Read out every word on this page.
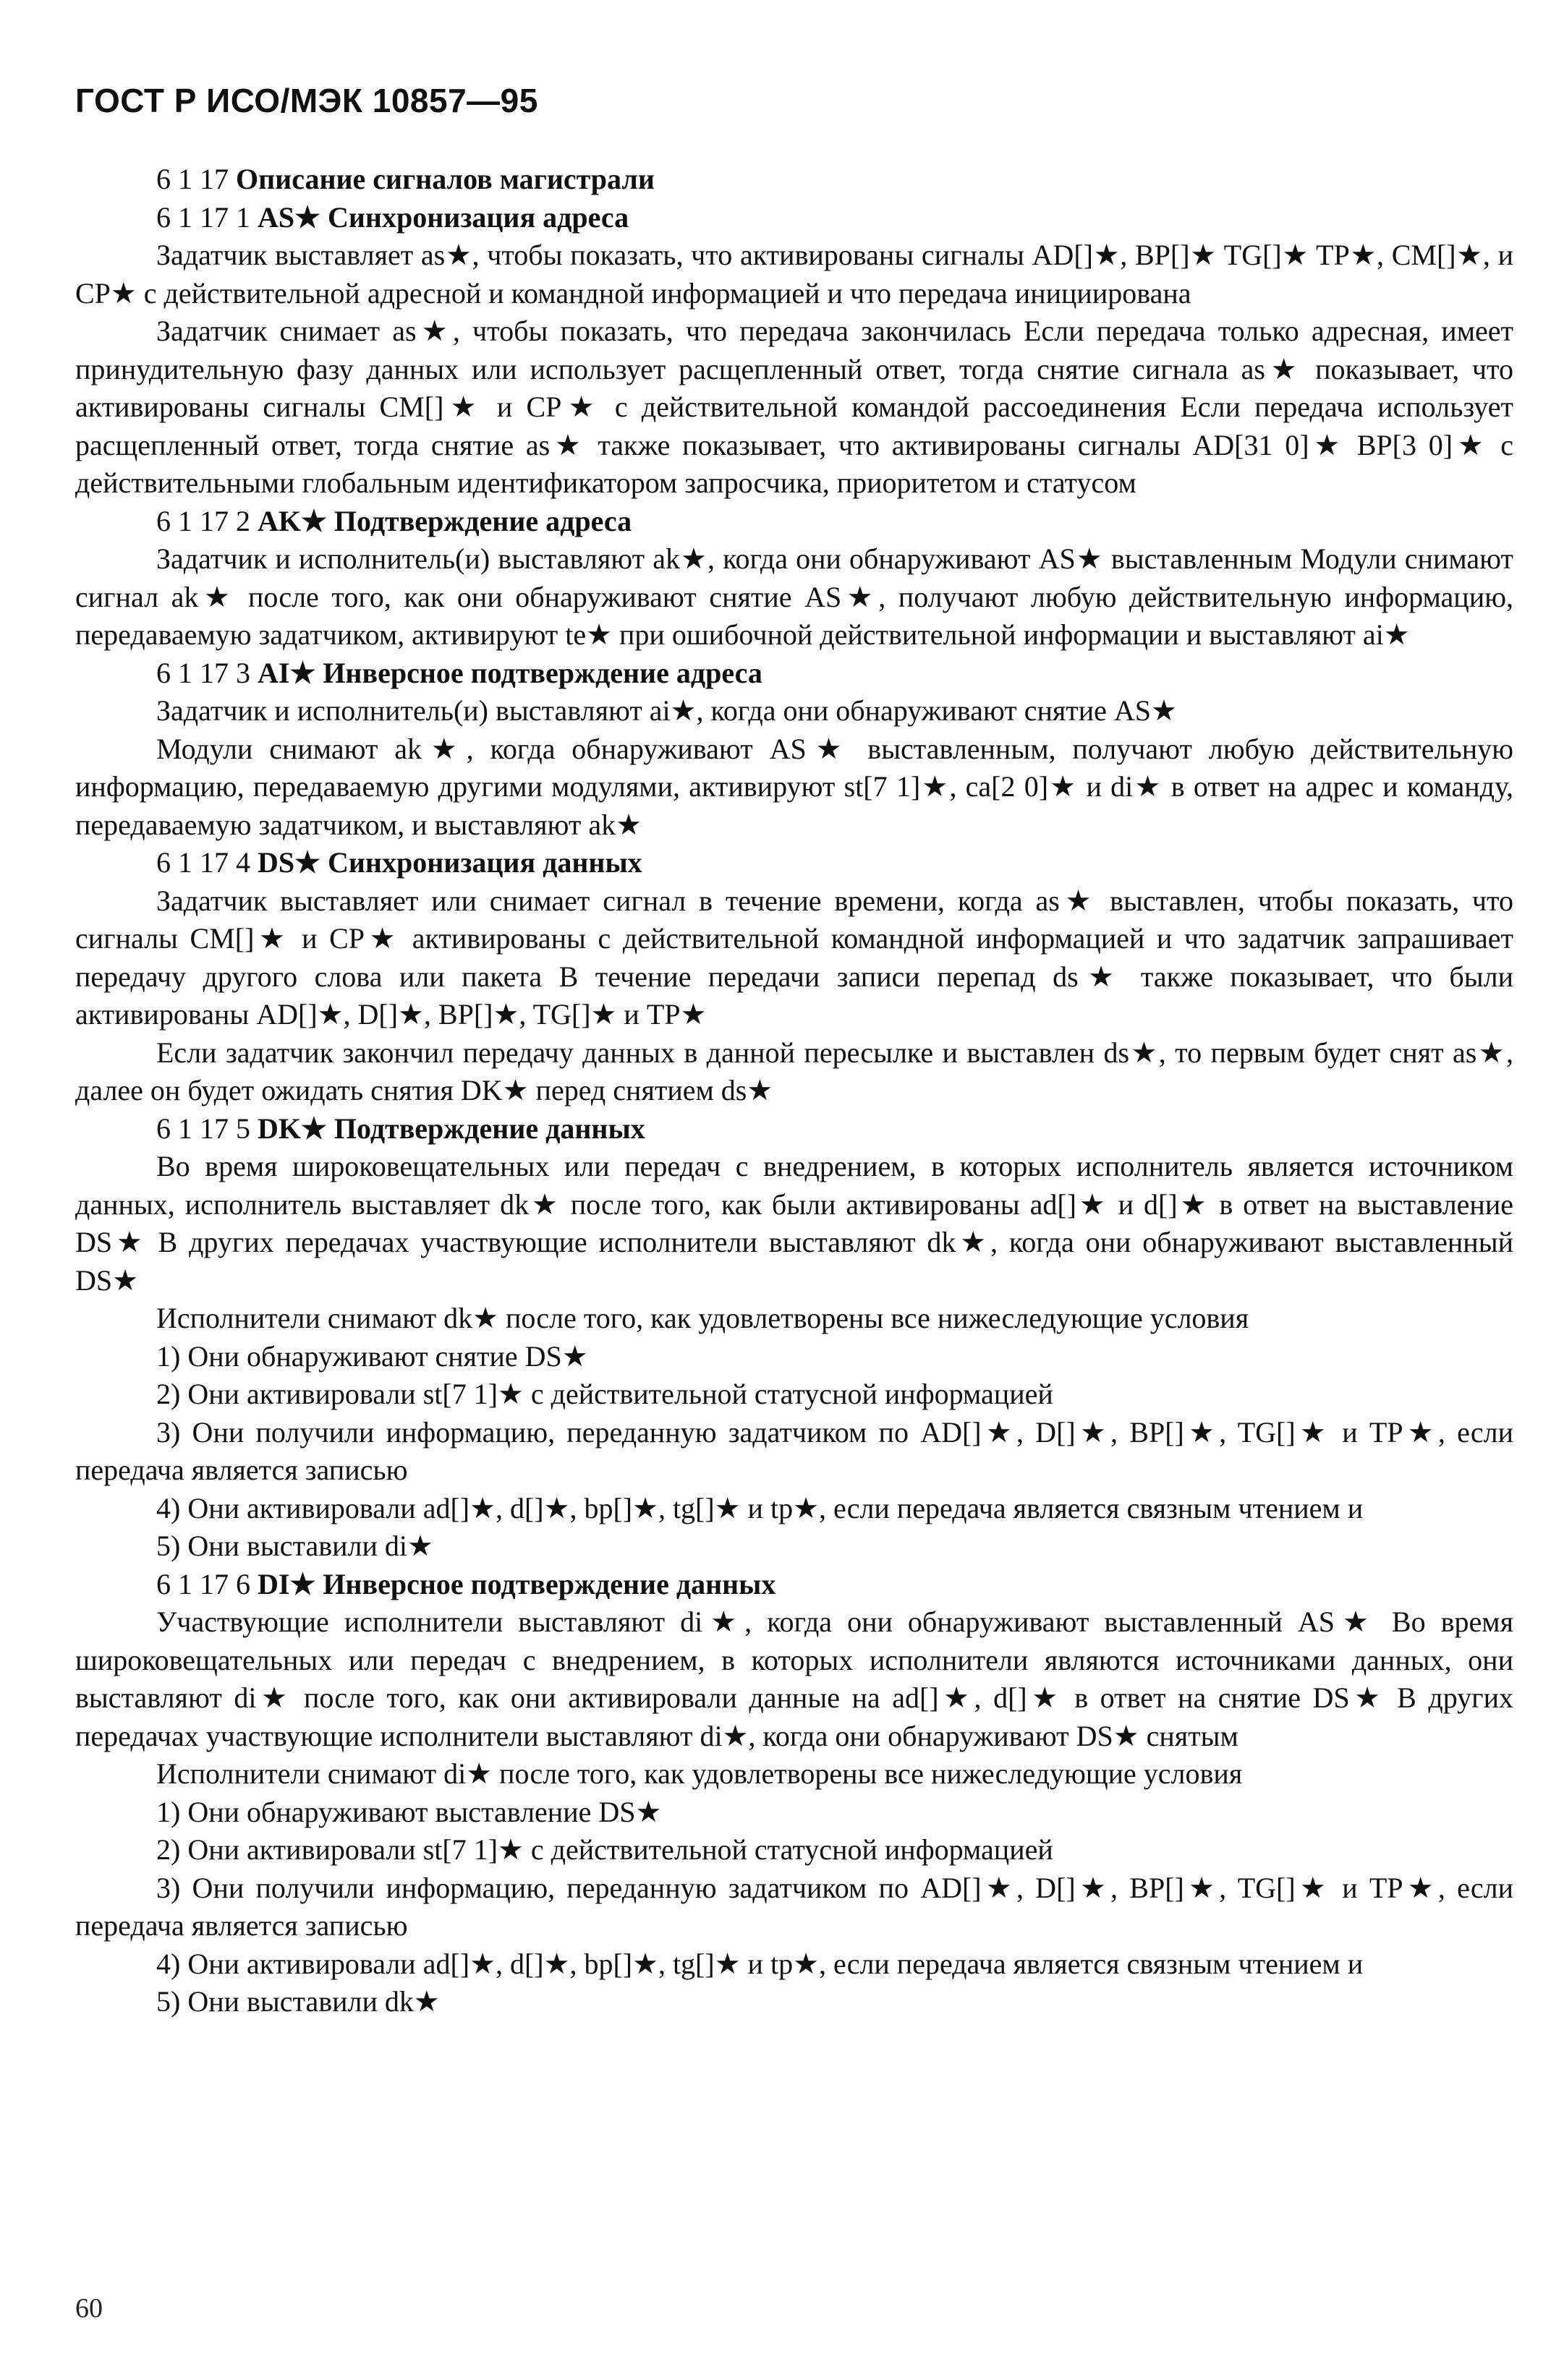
ГОСТ Р ИСО/МЭК 10857—95

6 1 17 Описание сигналов магистрали

6 1 17 1 AS★ Синхронизация адреса

Задатчик выставляет as★, чтобы показать, что активированы сигналы AD[]★, BP[]★ TG[]★ TP★, CM[]★, и CP★ с действительной адресной и командной информацией и что передача инициирована

Задатчик снимает as★, чтобы показать, что передача закончилась Если передача только адресная, имеет принудительную фазу данных или использует расщепленный ответ, тогда снятие сигнала as★ показывает, что активированы сигналы CM[]★ и CP★ с действительной командой рассоединения Если передача использует расщепленный ответ, тогда снятие as★ также показывает, что активированы сигналы AD[31 0]★ BP[3 0]★ с действительными глобальным идентификатором запросчика, приоритетом и статусом

6 1 17 2 AK★ Подтверждение адреса

Задатчик и исполнитель(и) выставляют ak★, когда они обнаруживают AS★ выставленным Модули снимают сигнал ak★ после того, как они обнаруживают снятие AS★, получают любую действительную информацию, передаваемую задатчиком, активируют te★ при ошибочной действительной информации и выставляют ai★

6 1 17 3 AI★ Инверсное подтверждение адреса

Задатчик и исполнитель(и) выставляют ai★, когда они обнаруживают снятие AS★

Модули снимают ak★, когда обнаруживают AS★ выставленным, получают любую действительную информацию, передаваемую другими модулями, активируют st[7 1]★, ca[2 0]★ и di★ в ответ на адрес и команду, передаваемую задатчиком, и выставляют ak★

6 1 17 4 DS★ Синхронизация данных

Задатчик выставляет или снимает сигнал в течение времени, когда as★ выставлен, чтобы показать, что сигналы CM[]★ и CP★ активированы с действительной командной информацией и что задатчик запрашивает передачу другого слова или пакета В течение передачи записи перепад ds★ также показывает, что были активированы AD[]★, D[]★, BP[]★, TG[]★ и TP★

Если задатчик закончил передачу данных в данной пересылке и выставлен ds★, то первым будет снят as★, далее он будет ожидать снятия DK★ перед снятием ds★

6 1 17 5 DK★ Подтверждение данных

Во время широковещательных или передач с внедрением, в которых исполнитель является источником данных, исполнитель выставляет dk★ после того, как были активированы ad[]★ и d[]★ в ответ на выставление DS★ В других передачах участвующие исполнители выставляют dk★, когда они обнаруживают выставленный DS★

Исполнители снимают dk★ после того, как удовлетворены все нижеследующие условия

1) Они обнаруживают снятие DS★

2) Они активировали st[7 1]★ с действительной статусной информацией

3) Они получили информацию, переданную задатчиком по AD[]★, D[]★, BP[]★, TG[]★ и TP★, если передача является записью

4) Они активировали ad[]★, d[]★, bp[]★, tg[]★ и tp★, если передача является связным чтением и

5) Они выставили di★

6 1 17 6 DI★ Инверсное подтверждение данных

Участвующие исполнители выставляют di★, когда они обнаруживают выставленный AS★ Во время широковещательных или передач с внедрением, в которых исполнители являются источниками данных, они выставляют di★ после того, как они активировали данные на ad[]★, d[]★ в ответ на снятие DS★ В других передачах участвующие исполнители выставляют di★, когда они обнаруживают DS★ снятым

Исполнители снимают di★ после того, как удовлетворены все нижеследующие условия

1) Они обнаруживают выставление DS★

2) Они активировали st[7 1]★ с действительной статусной информацией

3) Они получили информацию, переданную задатчиком по AD[]★, D[]★, BP[]★, TG[]★ и TP★, если передача является записью

4) Они активировали ad[]★, d[]★, bp[]★, tg[]★ и tp★, если передача является связным чтением и

5) Они выставили dk★

60
